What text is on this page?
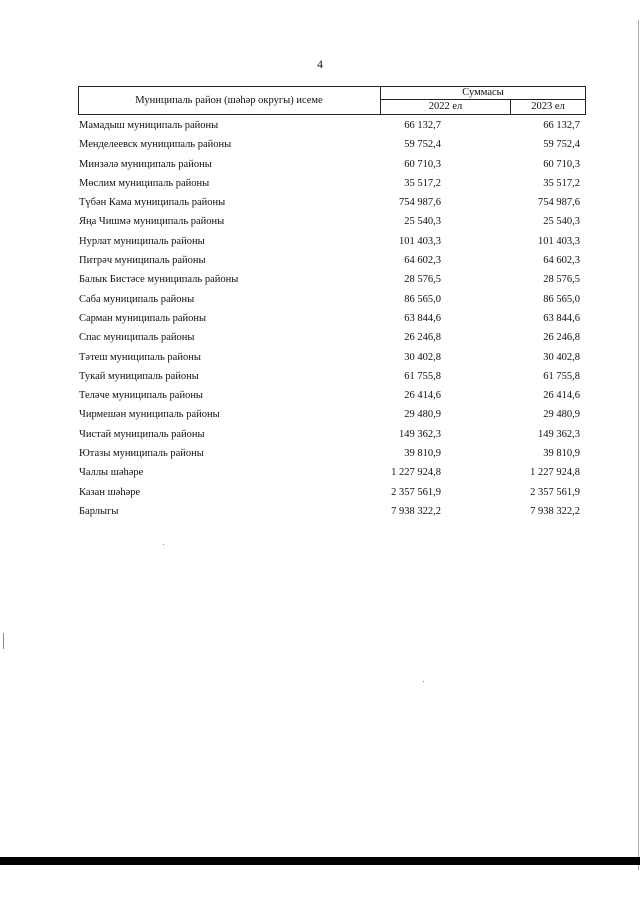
4
Муниципаль район (шәһәр округы) исеме
Суммасы
2022 ел	2023 ел
Мамадыш муниципаль районы	66 132,7	66 132,7
Менделеевск муниципаль районы	59 752,4	59 752,4
Минзәлә муниципаль районы	60 710,3	60 710,3
Мөслим муниципаль районы	35 517,2	35 517,2
Түбән Кама муниципаль районы	754 987,6	754 987,6
Яңа Чишмә муниципаль районы	25 540,3	25 540,3
Нурлат муниципаль районы	101 403,3	101 403,3
Питрәч муниципаль районы	64 602,3	64 602,3
Балык Бистәсе муниципаль районы	28 576,5	28 576,5
Саба муниципаль районы	86 565,0	86 565,0
Сарман муниципаль районы	63 844,6	63 844,6
Спас муниципаль районы	26 246,8	26 246,8
Тәтеш муниципаль районы	30 402,8	30 402,8
Тукай муниципаль районы	61 755,8	61 755,8
Теләче муниципаль районы	26 414,6	26 414,6
Чирмешән муниципаль районы	29 480,9	29 480,9
Чистай муниципаль районы	149 362,3	149 362,3
Ютазы муниципаль районы	39 810,9	39 810,9
Чаллы шәһәре	1 227 924,8	1 227 924,8
Казан шәһәре	2 357 561,9	2 357 561,9
Барлыгы	7 938 322,2	7 938 322,2
